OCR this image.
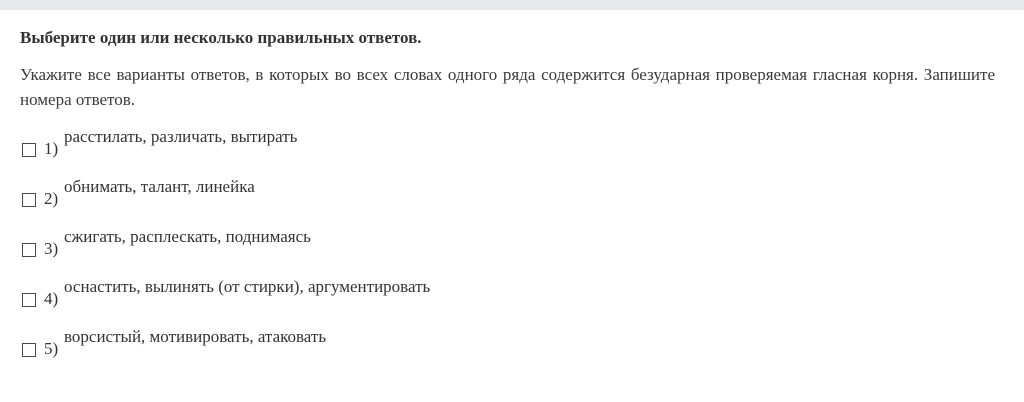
Выберите один или несколько правильных ответов.

Укажите все варианты ответов, в которых во всех словах одного ряда содержится безударная проверяемая гласная корня. Запишите номера ответов.

1)
расстилать, различать, вытирать
2)
обнимать, талант, линейка
3)
сжигать, расплескать, поднимаясь
4)
оснастить, вылинять (от стирки), аргументировать
5)
ворсистый, мотивировать, атаковать
